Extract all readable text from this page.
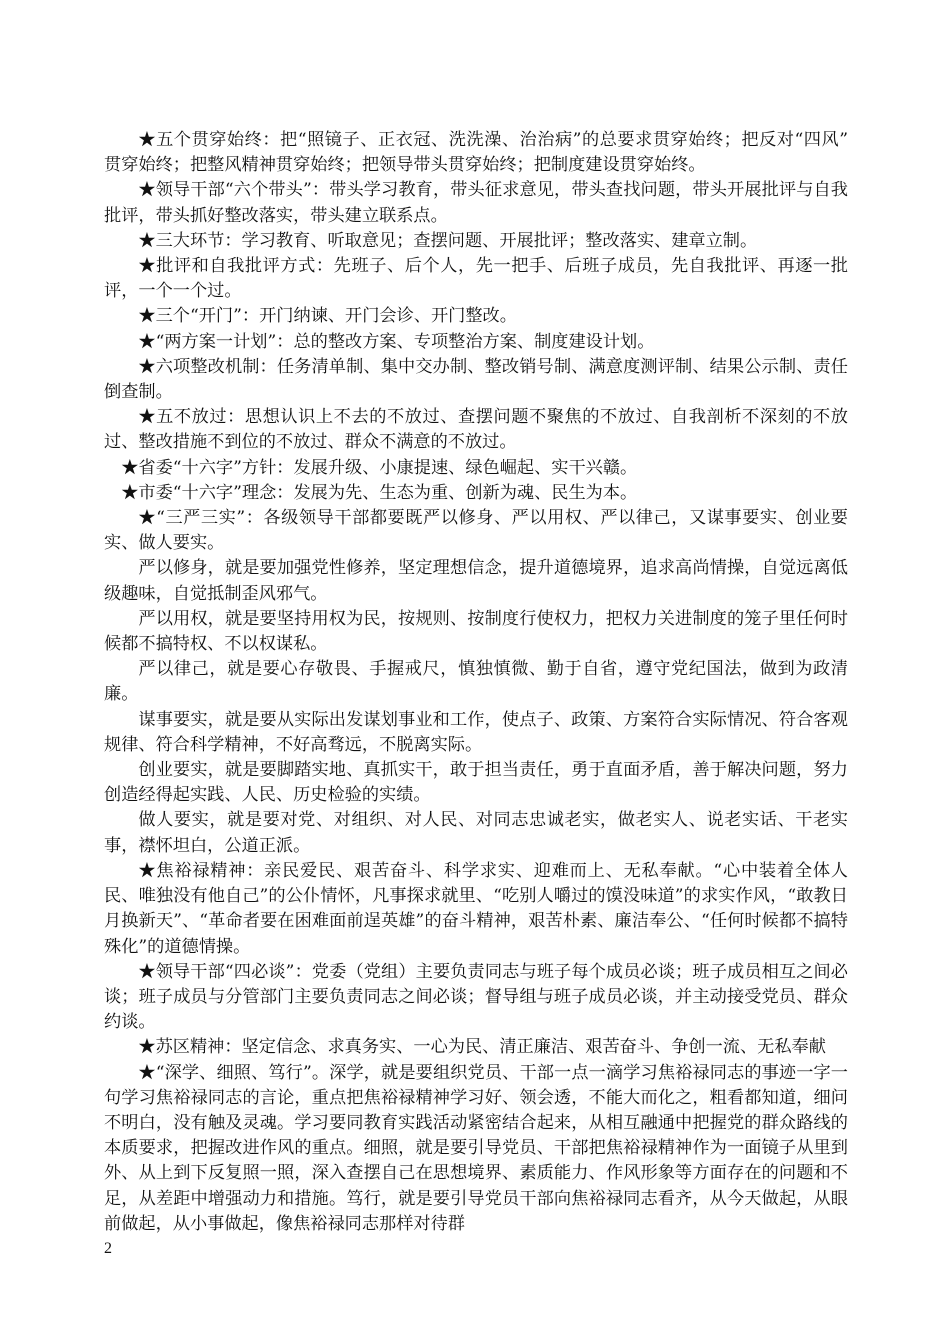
★五个贯穿始终：把“照镜子、正衣冠、洗洗澡、治治病”的总要求贯穿始终；把反对“四风” 贯穿始终；把整风精神贯穿始终；把领导带头贯穿始终；把制度建设贯穿始终。

★领导干部“六个带头”：带头学习教育，带头征求意见，带头查找问题，带头开展批评与自我批评，带头抓好整改落实，带头建立联系点。

★三大环节：学习教育、听取意见；查摆问题、开展批评；整改落实、建章立制。

★批评和自我批评方式：先班子、后个人，先一把手、后班子成员，先自我批评、再逐一批评，一个一个过。

★三个“开门”：开门纳谏、开门会诊、开门整改。

★“两方案一计划”：总的整改方案、专项整治方案、制度建设计划。

★六项整改机制：任务清单制、集中交办制、整改销号制、满意度测评制、结果公示制、责任倒查制。

★五不放过：思想认识上不去的不放过、查摆问题不聚焦的不放过、自我剖析不深刻的不放过、整改措施不到位的不放过、群众不满意的不放过。

★省委“十六字”方针：发展升级、小康提速、绿色崛起、实干兴赣。

★市委“十六字”理念：发展为先、生态为重、创新为魂、民生为本。

★“三严三实”：各级领导干部都要既严以修身、严以用权、严以律己，又谋事要实、创业要实、做人要实。

严以修身，就是要加强党性修养，坚定理想信念，提升道德境界，追求高尚情操，自觉远离低级趣味，自觉抵制歪风邪气。

严以用权，就是要坚持用权为民，按规则、按制度行使权力，把权力关进制度的笼子里任何时候都不搞特权、不以权谋私。

严以律己，就是要心存敬畏、手握戒尺，慎独慎微、勤于自省，遵守党纪国法，做到为政清廉。

谋事要实，就是要从实际出发谋划事业和工作，使点子、政策、方案符合实际情况、符合客观规律、符合科学精神，不好高骛远，不脱离实际。

创业要实，就是要脚踏实地、真抓实干，敢于担当责任，勇于直面矛盾，善于解决问题，努力创造经得起实践、人民、历史检验的实绩。

做人要实，就是要对党、对组织、对人民、对同志忠诚老实，做老实人、说老实话、干老实事，襟怀坦白，公道正派。

★焦裕禄精神：亲民爱民、艰苦奋斗、科学求实、迎难而上、无私奉献。“心中装着全体人民、唯独没有他自己”的公仆情怀，凡事探求就里、“吃别人嚼过的馍没味道”的求实作风，“敢教日月换新天”、“革命者要在困难面前逞英雄”的奋斗精神，艰苦朴素、廉洁奉公、“任何时候都不搞特殊化”的道德情操。

★领导干部“四必谈”：党委（党组）主要负责同志与班子每个成员必谈；班子成员相互之间必谈；班子成员与分管部门主要负责同志之间必谈；督导组与班子成员必谈，并主动接受党员、群众约谈。

★苏区精神：坚定信念、求真务实、一心为民、清正廉洁、艰苦奋斗、争创一流、无私奉献

★“深学、细照、笃行”。深学，就是要组织党员、干部一点一滴学习焦裕禄同志的事迹一字一句学习焦裕禄同志的言论，重点把焦裕禄精神学习好、领会透，不能大而化之，粗看都知道，细问不明白，没有触及灵魂。学习要同教育实践活动紧密结合起来，从相互融通中把握党的群众路线的本质要求，把握改进作风的重点。细照，就是要引导党员、干部把焦裕禄精神作为一面镜子从里到外、从上到下反复照一照，深入查摆自己在思想境界、素质能力、作风形象等方面存在的问题和不足，从差距中增强动力和措施。笃行，就是要引导党员干部向焦裕禄同志看齐，从今天做起，从眼前做起，从小事做起，像焦裕禄同志那样对待群

2
